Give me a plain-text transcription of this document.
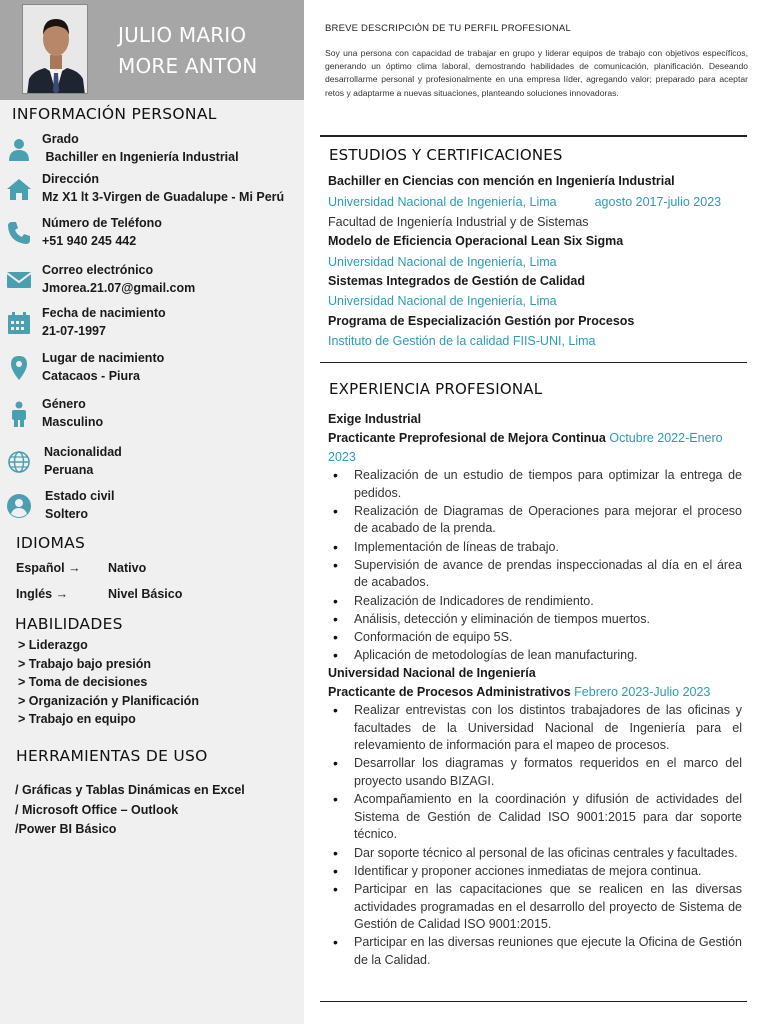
JULIO MARIO
MORE ANTON
INFORMACIÓN PERSONAL
Grado
Bachiller en Ingeniería Industrial
Dirección
Mz X1 lt 3-Virgen de Guadalupe - Mi Perú
Número de Teléfono
+51 940 245 442
Correo electrónico
Jmorea.21.07@gmail.com
Fecha de nacimiento
21-07-1997
Lugar de nacimiento
Catacaos - Piura
Género
Masculino
Nacionalidad
Peruana
Estado civil
Soltero
IDIOMAS
Español → Nativo
Inglés →	Nivel Básico
HABILIDADES
> Liderazgo
> Trabajo bajo presión
> Toma de decisiones
> Organización y Planificación
> Trabajo en equipo
HERRAMIENTAS DE USO
/ Gráficas y Tablas Dinámicas en Excel
/ Microsoft Office – Outlook
/Power BI Básico
BREVE DESCRIPCIÓN DE TU PERFIL PROFESIONAL
Soy una persona con capacidad de trabajar en grupo y liderar equipos de trabajo con objetivos específicos, generando un óptimo clima laboral, demostrando habilidades de comunicación, planificación. Deseando desarrollarme personal y profesionalmente en una empresa líder, agregando valor; preparado para aceptar retos y adaptarme a nuevas situaciones, planteando soluciones innovadoras.
ESTUDIOS Y CERTIFICACIONES
Bachiller en Ciencias con mención en Ingeniería Industrial
Universidad Nacional de Ingeniería, Lima	agosto 2017-julio 2023
Facultad de Ingeniería Industrial y de Sistemas
Modelo de Eficiencia Operacional Lean Six Sigma
Universidad Nacional de Ingeniería, Lima
Sistemas Integrados de Gestión de Calidad
Universidad Nacional de Ingeniería, Lima
Programa de Especialización Gestión por Procesos
Instituto de Gestión de la calidad FIIS-UNI, Lima
EXPERIENCIA PROFESIONAL
Exige Industrial
Practicante Preprofesional de Mejora Continua Octubre 2022-Enero 2023
• Realización de un estudio de tiempos para optimizar la entrega de pedidos.
• Realización de Diagramas de Operaciones para mejorar el proceso de acabado de la prenda.
• Implementación de líneas de trabajo.
• Supervisión de avance de prendas inspeccionadas al día en el área de acabados.
• Realización de Indicadores de rendimiento.
• Análisis, detección y eliminación de tiempos muertos.
• Conformación de equipo 5S.
• Aplicación de metodologías de lean manufacturing.
Universidad Nacional de Ingeniería
Practicante de Procesos Administrativos Febrero 2023-Julio 2023
• Realizar entrevistas con los distintos trabajadores de las oficinas y facultades de la Universidad Nacional de Ingeniería para el relevamiento de información para el mapeo de procesos.
• Desarrollar los diagramas y formatos requeridos en el marco del proyecto usando BIZAGI.
• Acompañamiento en la coordinación y difusión de actividades del Sistema de Gestión de Calidad ISO 9001:2015 para dar soporte técnico.
• Dar soporte técnico al personal de las oficinas centrales y facultades.
• Identificar y proponer acciones inmediatas de mejora continua.
• Participar en las capacitaciones que se realicen en las diversas actividades programadas en el desarrollo del proyecto de Sistema de Gestión de Calidad ISO 9001:2015.
• Participar en las diversas reuniones que ejecute la Oficina de Gestión de la Calidad.
